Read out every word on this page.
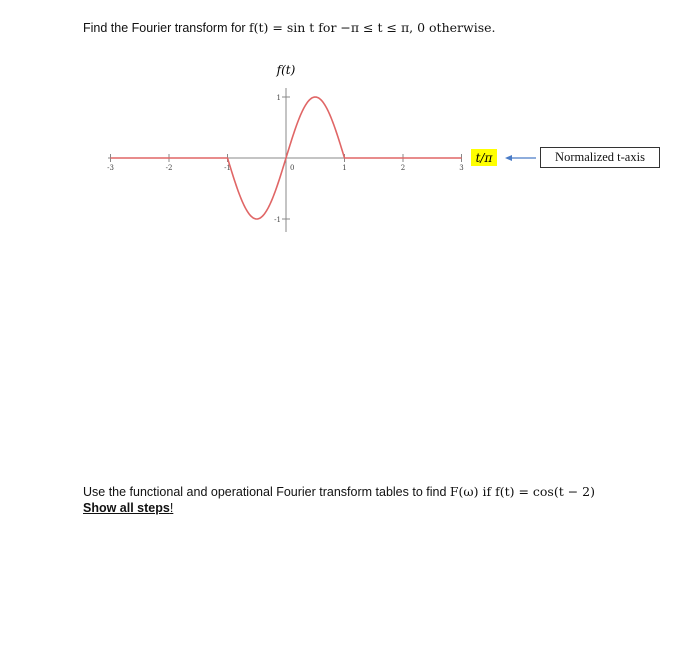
Find the Fourier transform for f(t) = sin t for −π ≤ t ≤ π, 0 otherwise.
-3	-2	-1	0	1	2	3
1
-1
f(t)
t/π	Normalized t-axis
Use the functional and operational Fourier transform tables to find F(ω) if f(t) = cos(t − 2)
Show all steps!
